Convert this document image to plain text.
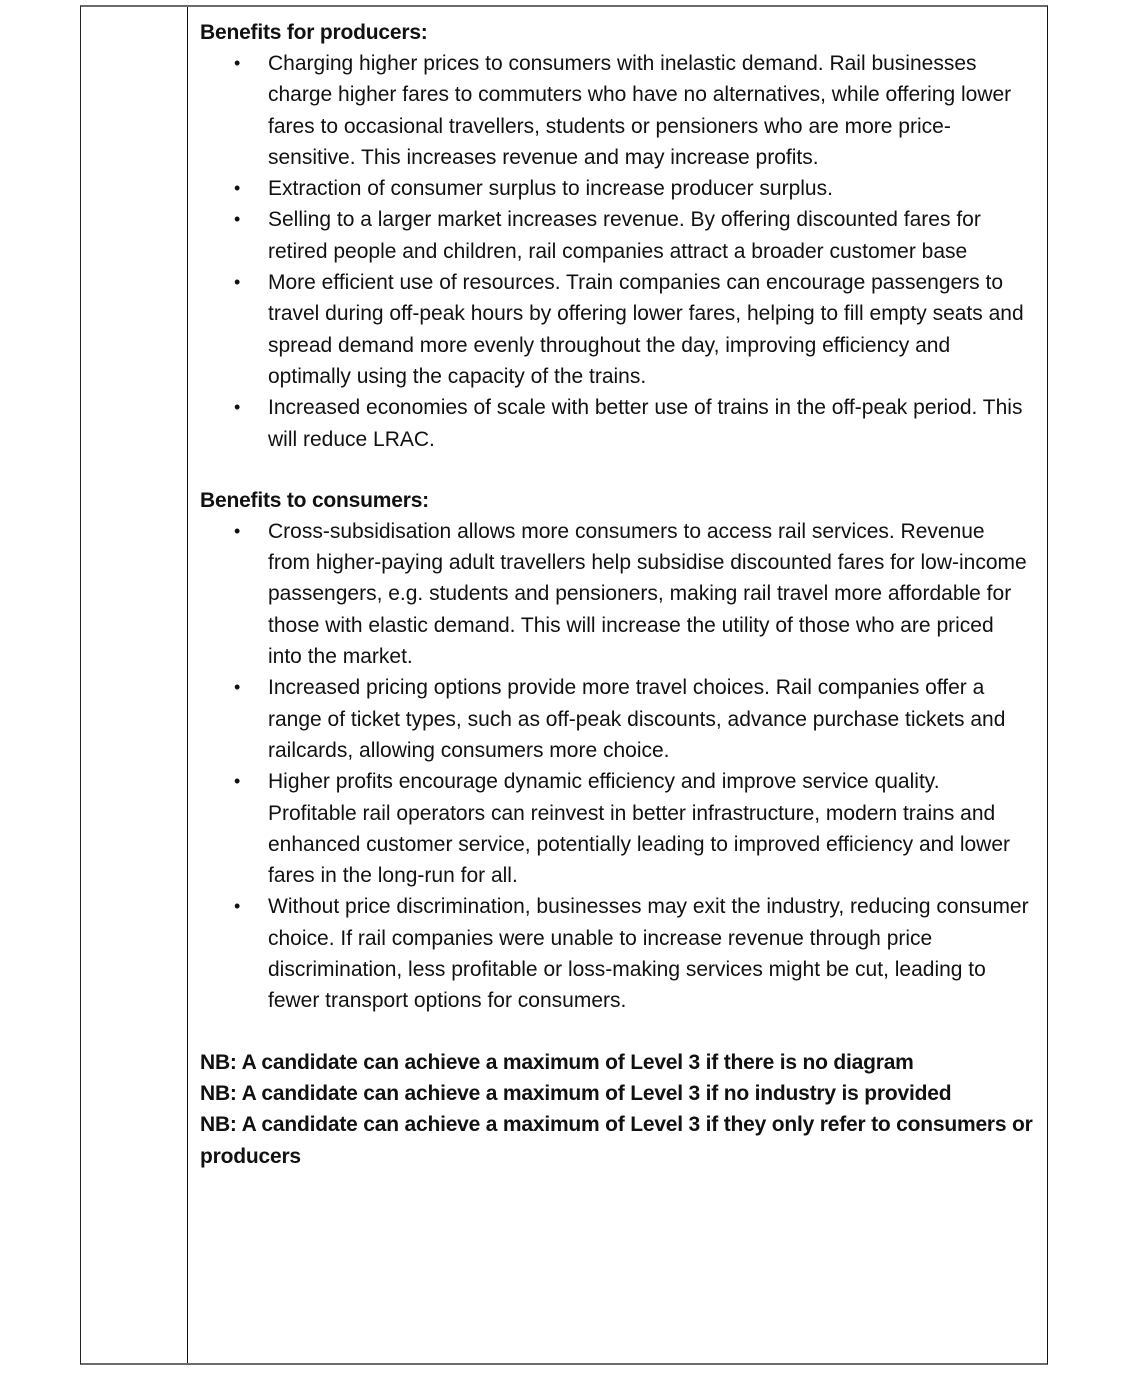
Benefits for producers:

• Charging higher prices to consumers with inelastic demand. Rail businesses charge higher fares to commuters who have no alternatives, while offering lower fares to occasional travellers, students or pensioners who are more price-sensitive. This increases revenue and may increase profits.
• Extraction of consumer surplus to increase producer surplus.
• Selling to a larger market increases revenue. By offering discounted fares for retired people and children, rail companies attract a broader customer base
• More efficient use of resources. Train companies can encourage passengers to travel during off-peak hours by offering lower fares, helping to fill empty seats and spread demand more evenly throughout the day, improving efficiency and optimally using the capacity of the trains.
• Increased economies of scale with better use of trains in the off-peak period. This will reduce LRAC.

Benefits to consumers:

• Cross-subsidisation allows more consumers to access rail services. Revenue from higher-paying adult travellers help subsidise discounted fares for low-income passengers, e.g. students and pensioners, making rail travel more affordable for those with elastic demand. This will increase the utility of those who are priced into the market.
• Increased pricing options provide more travel choices. Rail companies offer a range of ticket types, such as off-peak discounts, advance purchase tickets and railcards, allowing consumers more choice.
• Higher profits encourage dynamic efficiency and improve service quality. Profitable rail operators can reinvest in better infrastructure, modern trains and enhanced customer service, potentially leading to improved efficiency and lower fares in the long-run for all.
• Without price discrimination, businesses may exit the industry, reducing consumer choice. If rail companies were unable to increase revenue through price discrimination, less profitable or loss-making services might be cut, leading to fewer transport options for consumers.

NB: A candidate can achieve a maximum of Level 3 if there is no diagram

NB: A candidate can achieve a maximum of Level 3 if no industry is provided

NB: A candidate can achieve a maximum of Level 3 if they only refer to consumers or producers
